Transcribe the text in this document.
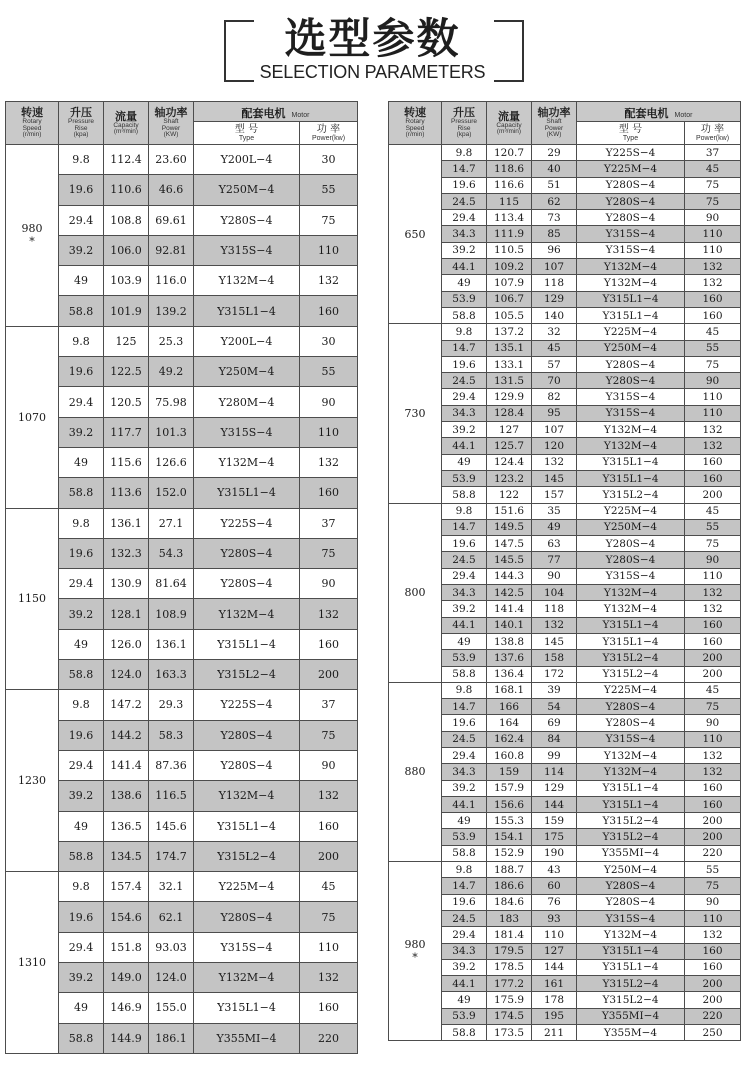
选型参数
SELECTION PARAMETERS
转速
Rotary
Speed
(r/min)	升压
Pressure
Rise
(kpa)	流量
Capacity
(m³/min)	轴功率
Shaft
Power
(KW)	配套电机 Motor	

				型 号
Type	功 率
Power(kw)

980
*	9.8	112.4	23.60	Y200L−4	30
	19.6	110.6	46.6	Y250M−4	55
	29.4	108.8	69.61	Y280S−4	75
	39.2	106.0	92.81	Y315S−4	110
	49	103.9	116.0	Y132M−4	132
	58.8	101.9	139.2	Y315L1−4	160

1070	9.8	125	25.3	Y200L−4	30
	19.6	122.5	49.2	Y250M−4	55
	29.4	120.5	75.98	Y280M−4	90
	39.2	117.7	101.3	Y315S−4	110
	49	115.6	126.6	Y132M−4	132
	58.8	113.6	152.0	Y315L1−4	160

1150	9.8	136.1	27.1	Y225S−4	37
	19.6	132.3	54.3	Y280S−4	75
	29.4	130.9	81.64	Y280S−4	90
	39.2	128.1	108.9	Y132M−4	132
	49	126.0	136.1	Y315L1−4	160
	58.8	124.0	163.3	Y315L2−4	200

1230	9.8	147.2	29.3	Y225S−4	37
	19.6	144.2	58.3	Y280S−4	75
	29.4	141.4	87.36	Y280S−4	90
	39.2	138.6	116.5	Y132M−4	132
	49	136.5	145.6	Y315L1−4	160
	58.8	134.5	174.7	Y315L2−4	200

1310	9.8	157.4	32.1	Y225M−4	45
	19.6	154.6	62.1	Y280S−4	75
	29.4	151.8	93.03	Y315S−4	110
	39.2	149.0	124.0	Y132M−4	132
	49	146.9	155.0	Y315L1−4	160
	58.8	144.9	186.1	Y355MI−4	220
转速
Rotary
Speed
(r/min)	升压
Pressure
Rise
(kpa)	流量
Capacity
(m³/min)	轴功率
Shaft
Power
(KW)	配套电机 Motor	

				型 号
Type	功 率
Power(kw)

650	9.8	120.7	29	Y225S−4	37
	14.7	118.6	40	Y225M−4	45
	19.6	116.6	51	Y280S−4	75
	24.5	115	62	Y280S−4	75
	29.4	113.4	73	Y280S−4	90
	34.3	111.9	85	Y315S−4	110
	39.2	110.5	96	Y315S−4	110
	44.1	109.2	107	Y132M−4	132
	49	107.9	118	Y132M−4	132
	53.9	106.7	129	Y315L1−4	160
	58.8	105.5	140	Y315L1−4	160

730	9.8	137.2	32	Y225M−4	45
	14.7	135.1	45	Y250M−4	55
	19.6	133.1	57	Y280S−4	75
	24.5	131.5	70	Y280S−4	90
	29.4	129.9	82	Y315S−4	110
	34.3	128.4	95	Y315S−4	110
	39.2	127	107	Y132M−4	132
	44.1	125.7	120	Y132M−4	132
	49	124.4	132	Y315L1−4	160
	53.9	123.2	145	Y315L1−4	160
	58.8	122	157	Y315L2−4	200

800	9.8	151.6	35	Y225M−4	45
	14.7	149.5	49	Y250M−4	55
	19.6	147.5	63	Y280S−4	75
	24.5	145.5	77	Y280S−4	90
	29.4	144.3	90	Y315S−4	110
	34.3	142.5	104	Y132M−4	132
	39.2	141.4	118	Y132M−4	132
	44.1	140.1	132	Y315L1−4	160
	49	138.8	145	Y315L1−4	160
	53.9	137.6	158	Y315L2−4	200
	58.8	136.4	172	Y315L2−4	200

880	9.8	168.1	39	Y225M−4	45
	14.7	166	54	Y280S−4	75
	19.6	164	69	Y280S−4	90
	24.5	162.4	84	Y315S−4	110
	29.4	160.8	99	Y132M−4	132
	34.3	159	114	Y132M−4	132
	39.2	157.9	129	Y315L1−4	160
	44.1	156.6	144	Y315L1−4	160
	49	155.3	159	Y315L2−4	200
	53.9	154.1	175	Y315L2−4	200
	58.8	152.9	190	Y355MI−4	220

980
*	9.8	188.7	43	Y250M−4	55
	14.7	186.6	60	Y280S−4	75
	19.6	184.6	76	Y280S−4	90
	24.5	183	93	Y315S−4	110
	29.4	181.4	110	Y132M−4	132
	34.3	179.5	127	Y315L1−4	160
	39.2	178.5	144	Y315L1−4	160
	44.1	177.2	161	Y315L2−4	200
	49	175.9	178	Y315L2−4	200
	53.9	174.5	195	Y355MI−4	220
	58.8	173.5	211	Y355M−4	250
